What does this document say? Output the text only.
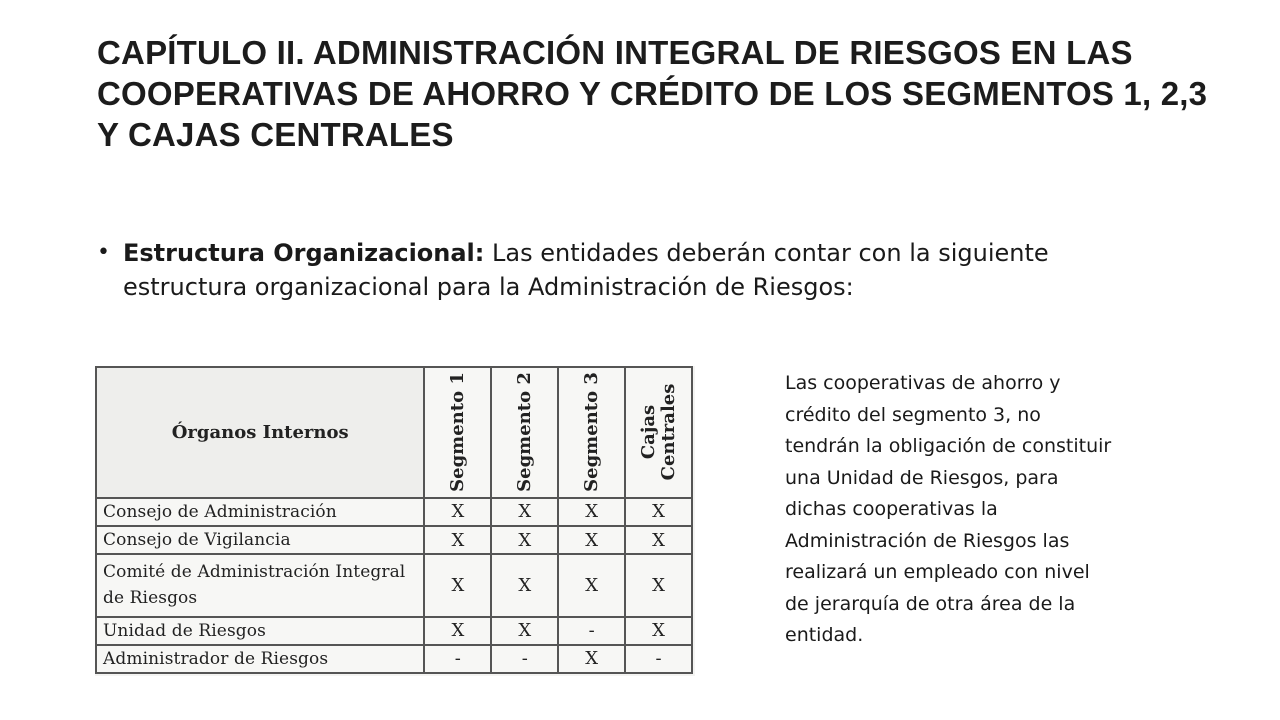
CAPÍTULO II. ADMINISTRACIÓN INTEGRAL DE RIESGOS EN LAS COOPERATIVAS DE AHORRO Y CRÉDITO DE LOS SEGMENTOS 1, 2,3 Y CAJAS CENTRALES
• Estructura Organizacional: Las entidades deberán contar con la siguiente estructura organizacional para la Administración de Riesgos:
Órganos Internos	Segmento 1	Segmento 2	Segmento 3	Cajas Centrales

Consejo de Administración	X	X	X	X
Consejo de Vigilancia	X	X	X	X
Comité de Administración Integral de Riesgos	X	X	X	X
Unidad de Riesgos	X	X	-	X
Administrador de Riesgos	-	-	X	-

Las cooperativas de ahorro y crédito del segmento 3, no tendrán la obligación de constituir una Unidad de Riesgos, para dichas cooperativas la Administración de Riesgos las realizará un empleado con nivel de jerarquía de otra área de la entidad.
